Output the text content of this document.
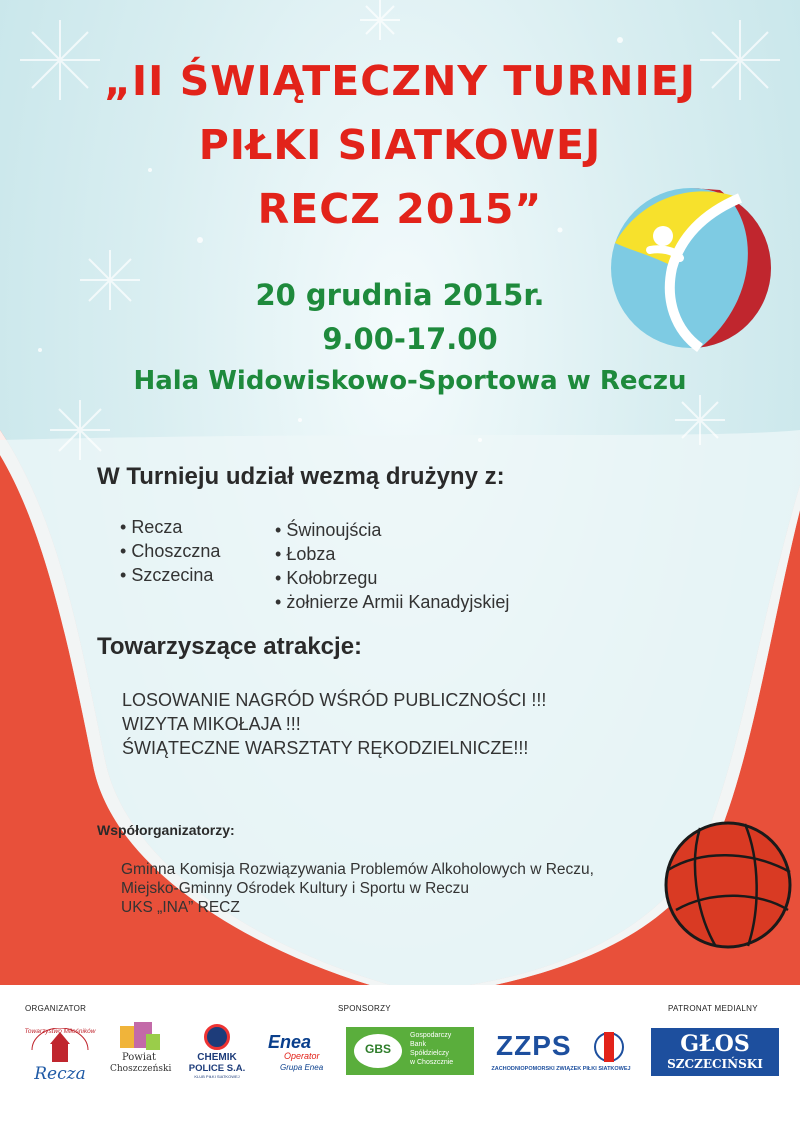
„II ŚWIĄTECZNY TURNIEJ
PIŁKI SIATKOWEJ
RECZ 2015”
20 grudnia 2015r.
9.00-17.00
Hala Widowiskowo-Sportowa w Reczu
W Turnieju udział wezmą drużyny z:
• Recza
• Choszczna
• Szczecina
• Świnoujścia
• Łobza
• Kołobrzegu
• żołnierze Armii Kanadyjskiej
Towarzyszące atrakcje:
LOSOWANIE NAGRÓD WŚRÓD PUBLICZNOŚCI !!!
WIZYTA MIKOŁAJA !!!
ŚWIĄTECZNE WARSZTATY RĘKODZIELNICZE!!!
Współorganizatorzy:
Gminna Komisja Rozwiązywania Problemów Alkoholowych w Reczu,
Miejsko-Gminny Ośrodek Kultury i Sportu w Reczu
UKS „INA” RECZ
ORGANIZATOR	SPONSORZY	PATRONAT MEDIALNY
Towarzystwo Miłośników
Recza
Powiat
Choszczeński
CHEMIK
POLICE S.A.
KLUB PIŁKI SIATKOWEJ
Enea
Operator
Grupa Enea
GBS
Gospodarczy
Bank
Spółdzielczy
w Choszcznie
ZZPS
ZACHODNIOPOMORSKI ZWIĄZEK PIŁKI SIATKOWEJ
GŁOS
SZCZECIŃSKI
